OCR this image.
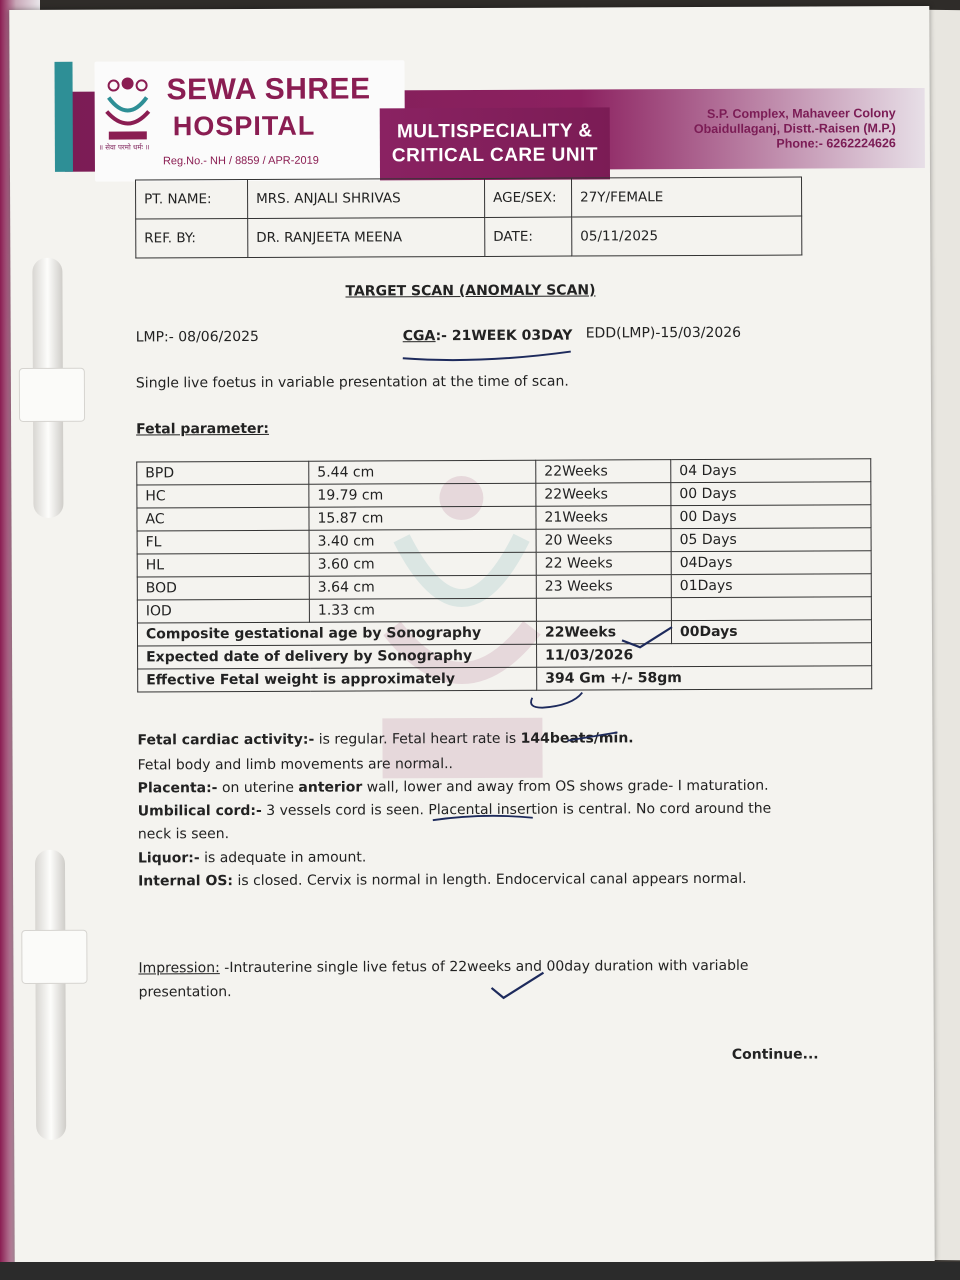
॥ सेवा परमो धर्मः ॥
SEWA SHREE
HOSPITAL
Reg.No.- NH / 8859 / APR-2019
MULTISPECIALITY &
CRITICAL CARE UNIT
S.P. Complex, Mahaveer Colony
Obaidullaganj, Distt.-Raisen (M.P.)
Phone:- 6262224626
PT. NAME:	MRS. ANJALI SHRIVAS	AGE/SEX:	27Y/FEMALE
REF. BY:	DR. RANJEETA MEENA	DATE:	05/11/2025
TARGET SCAN (ANOMALY SCAN)
LMP:- 08/06/2025	CGA:- 21WEEK 03DAY EDD(LMP)-15/03/2026
Single live foetus in variable presentation at the time of scan.
Fetal parameter:
BPD	5.44 cm	22Weeks	04 Days
HC	19.79 cm	22Weeks	00 Days
AC	15.87 cm	21Weeks	00 Days
FL	3.40 cm	20 Weeks	05 Days
HL	3.60 cm	22 Weeks	04Days
BOD	3.64 cm	23 Weeks	01Days
IOD	1.33 cm		
Composite gestational age by Sonography		22Weeks	00Days
Expected date of delivery by Sonography		11/03/2026	
Effective Fetal weight is approximately		394 Gm +/- 58gm	
Fetal cardiac activity:- is regular. Fetal heart rate is 144beats/min.
Fetal body and limb movements are normal..
Placenta:- on uterine anterior wall, lower and away from OS shows grade- I maturation.
Umbilical cord:- 3 vessels cord is seen. Placental insertion is central. No cord around the
neck is seen.
Liquor:- is adequate in amount.
Internal OS: is closed. Cervix is normal in length. Endocervical canal appears normal.
Impression: -Intrauterine single live fetus of 22weeks and 00day duration with variable
presentation.
Continue...
